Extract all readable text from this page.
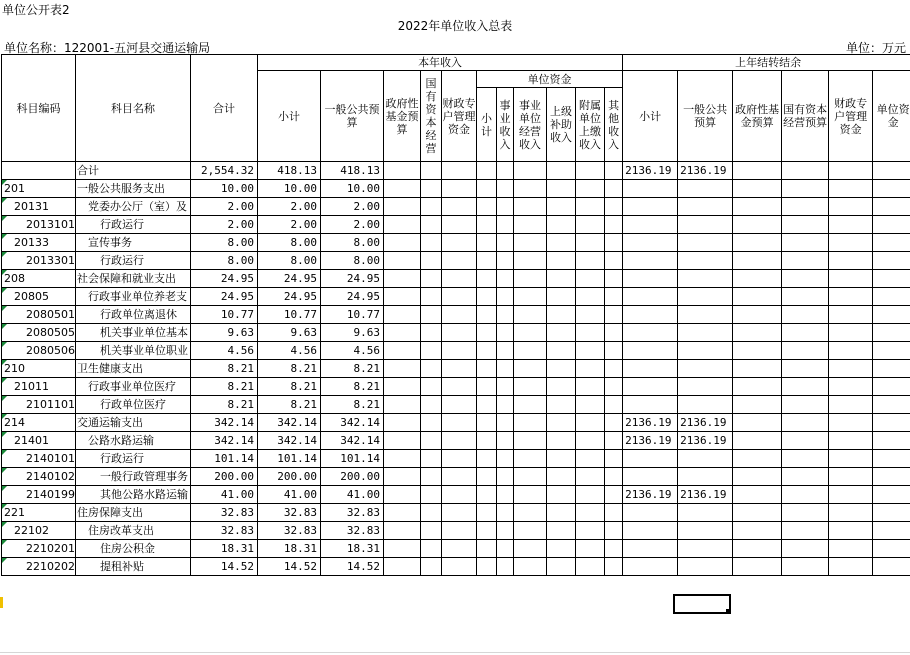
单位公开表2
2022年单位收入总表
单位名称：122001-五河县交通运输局	单位：万元
科目编码	科目名称	合计	本年收入											上年结转结余					
			小计	一般公共预算	政府性基金预算	国有资本经营	财政专户管理资金	单位资金						小计	一般公共预算	政府性基金预算	国有资本经营预算	财政专户管理资金	单位资金
								小计	事业收入	事业单位经营收入	上级补助收入	附属单位上缴收入	其他收入						
	合计	2,554.32	418.13	418.13										2136.19	2136.19				
201	一般公共服务支出	10.00	10.00	10.00															
20131	党委办公厅（室）及	2.00	2.00	2.00															
2013101	行政运行	2.00	2.00	2.00															
20133	宣传事务	8.00	8.00	8.00															
2013301	行政运行	8.00	8.00	8.00															
208	社会保障和就业支出	24.95	24.95	24.95															
20805	行政事业单位养老支	24.95	24.95	24.95															
2080501	行政单位离退休	10.77	10.77	10.77															
2080505	机关事业单位基本	9.63	9.63	9.63															
2080506	机关事业单位职业	4.56	4.56	4.56															
210	卫生健康支出	8.21	8.21	8.21															
21011	行政事业单位医疗	8.21	8.21	8.21															
2101101	行政单位医疗	8.21	8.21	8.21															
214	交通运输支出	342.14	342.14	342.14										2136.19	2136.19				
21401	公路水路运输	342.14	342.14	342.14										2136.19	2136.19				
2140101	行政运行	101.14	101.14	101.14															
2140102	一般行政管理事务	200.00	200.00	200.00															
2140199	其他公路水路运输	41.00	41.00	41.00										2136.19	2136.19				
221	住房保障支出	32.83	32.83	32.83															
22102	住房改革支出	32.83	32.83	32.83															
2210201	住房公积金	18.31	18.31	18.31															
2210202	提租补贴	14.52	14.52	14.52															
